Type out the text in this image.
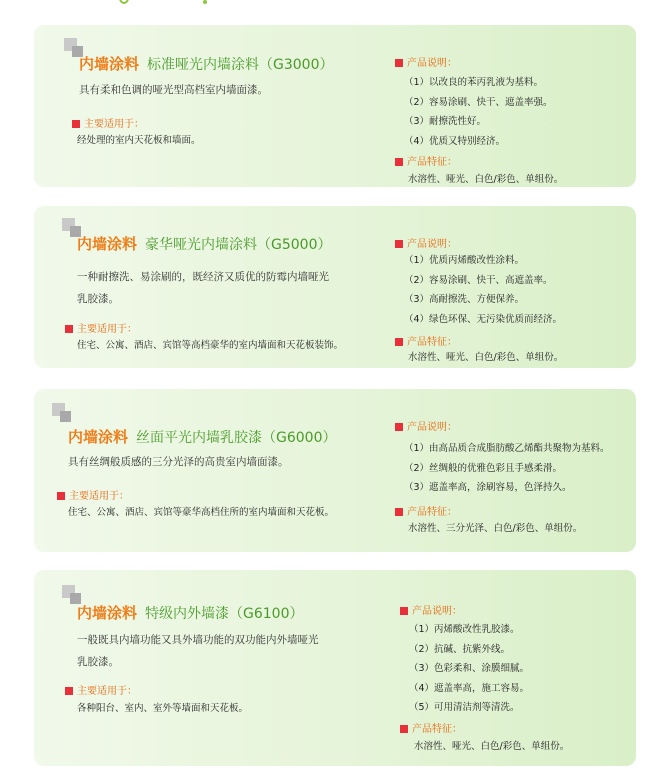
内墙涂料 标准哑光内墙涂料（G3000）
具有柔和色调的哑光型高档室内墙面漆。
主要适用于：
经处理的室内天花板和墙面。
产品说明：
（1）以改良的苯丙乳液为基料。
（2）容易涂刷、快干、遮盖率强。
（3）耐擦洗性好。
（4）优质又特别经济。
产品特征：
水溶性、哑光、白色/彩色、单组份。
内墙涂料 豪华哑光内墙涂料（G5000）
一种耐擦洗、易涂刷的，既经济又质优的防霉内墙哑光
乳胶漆。
主要适用于：
住宅、公寓、酒店、宾馆等高档豪华的室内墙面和天花板装饰。
产品说明：
（1）优质丙烯酸改性涂料。
（2）容易涂刷、快干、高遮盖率。
（3）高耐擦洗、方便保养。
（4）绿色环保、无污染优质而经济。
产品特征：
水溶性、哑光、白色/彩色、单组份。
内墙涂料 丝面平光内墙乳胶漆（G6000）
具有丝绸般质感的三分光泽的高贵室内墙面漆。
主要适用于：
住宅、公寓、酒店、宾馆等豪华高档住所的室内墙面和天花板。
产品说明：
（1）由高品质合成脂肪酸乙烯酯共聚物为基料。
（2）丝绸般的优雅色彩且手感柔滑。
（3）遮盖率高，涂刷容易，色泽持久。
产品特征：
水溶性、三分光泽、白色/彩色、单组份。
内墙涂料 特级内外墙漆（G6100）
一般既具内墙功能又具外墙功能的双功能内外墙哑光
乳胶漆。
主要适用于：
各种阳台、室内、室外等墙面和天花板。
产品说明：
（1）丙烯酸改性乳胶漆。
（2）抗碱、抗紫外线。
（3）色彩柔和、涂膜细腻。
（4）遮盖率高，施工容易。
（5）可用清洁剂等清洗。
产品特征：
水溶性、哑光、白色/彩色、单组份。
